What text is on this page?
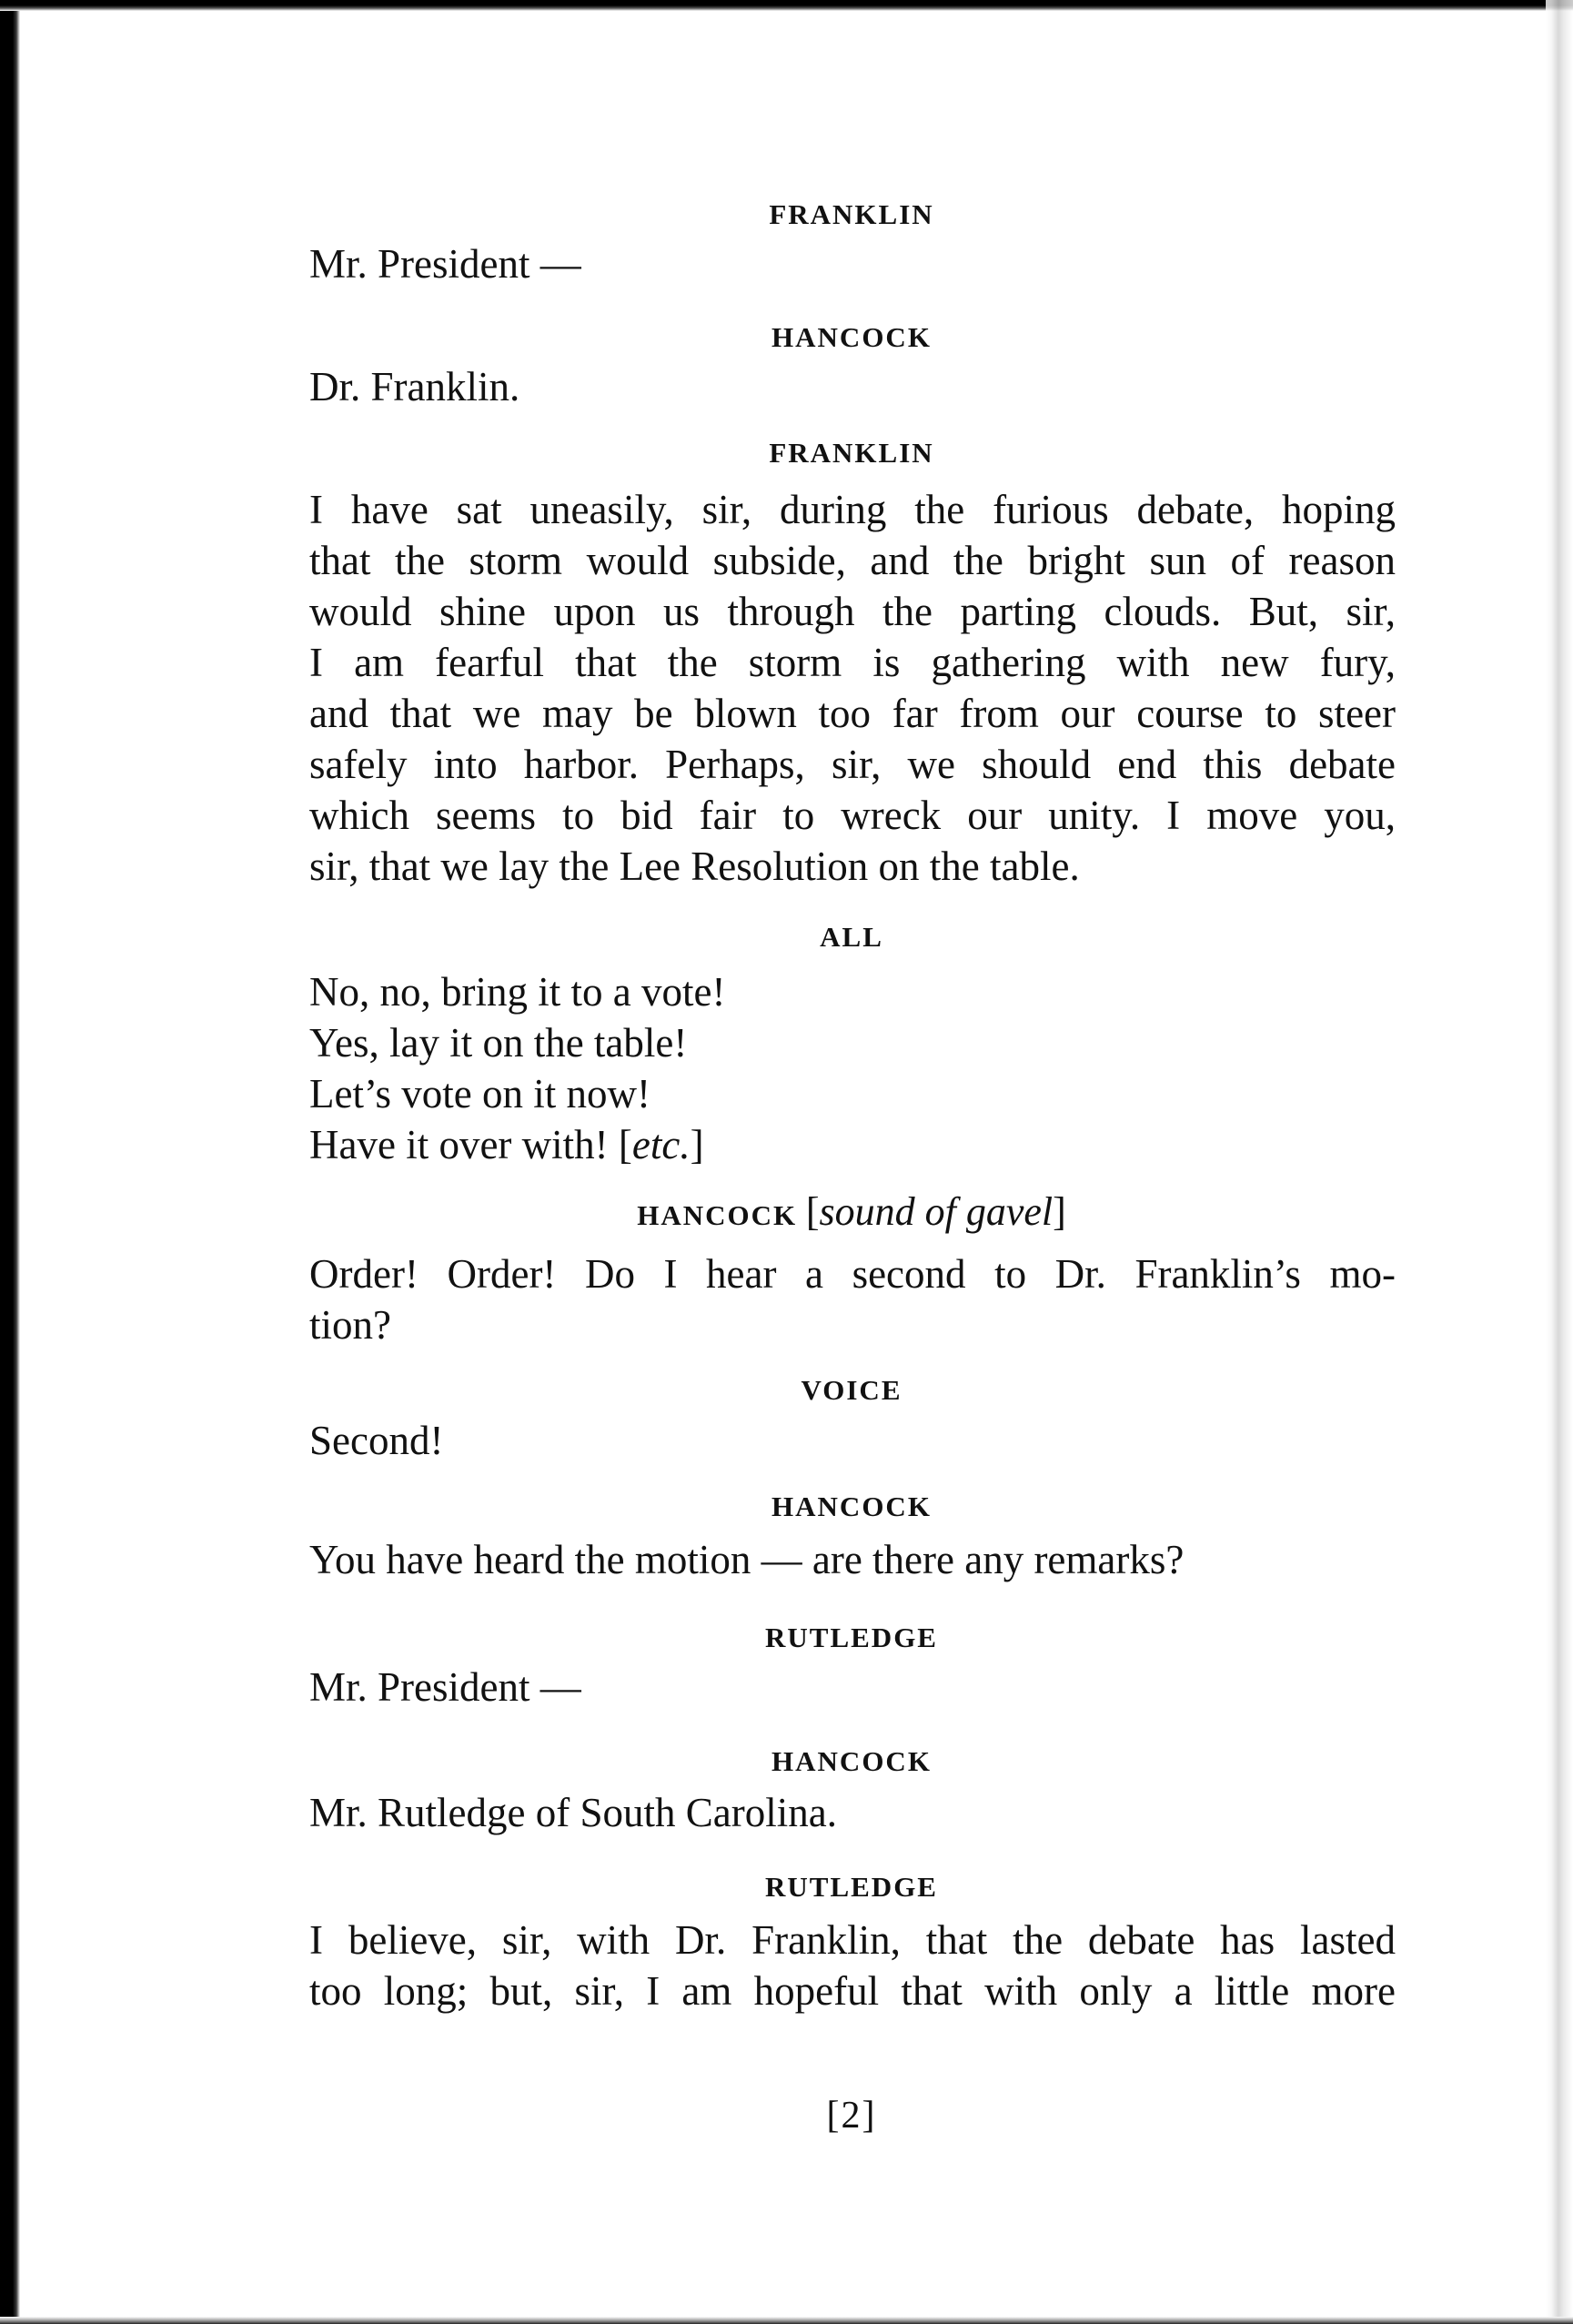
FRANKLIN
Mr. President —
HANCOCK
Dr. Franklin.
FRANKLIN
I have sat uneasily, sir, during the furious debate, hoping
that the storm would subside, and the bright sun of reason
would shine upon us through the parting clouds. But, sir,
I am fearful that the storm is gathering with new fury,
and that we may be blown too far from our course to steer
safely into harbor. Perhaps, sir, we should end this debate
which seems to bid fair to wreck our unity. I move you,
sir, that we lay the Lee Resolution on the table.
ALL
No, no, bring it to a vote!
Yes, lay it on the table!
Let’s vote on it now!
Have it over with! [etc.]
HANCOCK [sound of gavel]
Order! Order! Do I hear a second to Dr. Franklin’s mo-
tion?
VOICE
Second!
HANCOCK
You have heard the motion — are there any remarks?
RUTLEDGE
Mr. President —
HANCOCK
Mr. Rutledge of South Carolina.
RUTLEDGE
I believe, sir, with Dr. Franklin, that the debate has lasted
too long; but, sir, I am hopeful that with only a little more
[2]
